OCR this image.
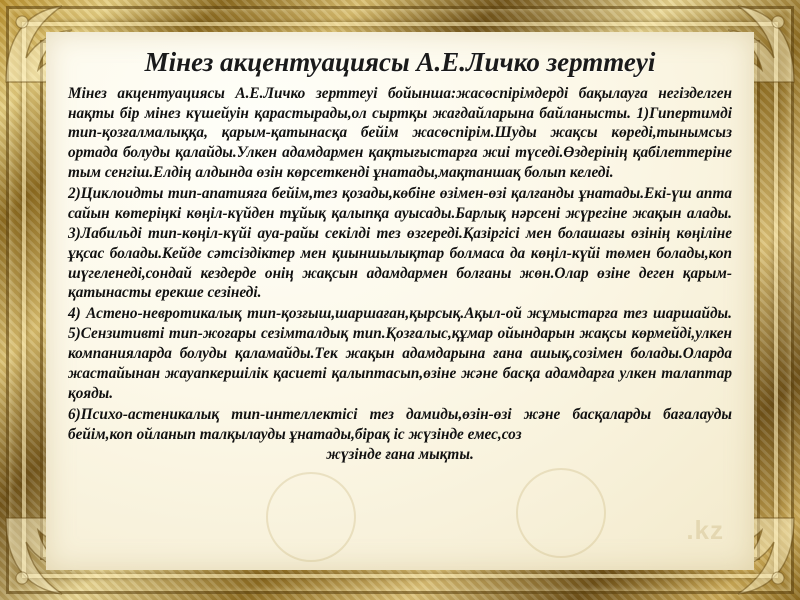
Мінез акцентуациясы А.Е.Личко зерттеуі

Мінез акцентуациясы А.Е.Личко зерттеуі бойынша:жасөспірімдерді бақылауға негізделген нақты бір мінез күшейуін қарастырады,ол сыртқы жағдайларына байланысты. 1)Гипертимді тип-қозғалмалыққа, қарым-қатынасқа бейім жасөспірім.Шуды жақсы көреді,тынымсыз ортада болуды қалайды.Улкен адамдармен қақтығыстарға жиі түседі.Өздерінің қабілеттеріне тым сенгіш.Елдің алдында өзін көрсеткенді ұнатады,мақтаншақ болып келеді.

2)Циклоидты тип-апатияға бейім,тез қозады,көбіне өзімен-өзі қалғанды ұнатады.Екі-үш апта сайын көтеріңкі көңіл-күйден тұйық қалыпқа ауысады.Барлық нәрсені жүрегіне жақын алады. 3)Лабильді тип-көңіл-күйі ауа-райы секілді тез өзгереді.Қазіргісі мен болашағы өзінің көңіліне ұқсас болады.Кейде сәтсіздіктер мен қиыншылықтар болмаса да көңіл-күйі төмен болады,коп шүгеленеді,сондай кездерде онің жақсын адамдармен болғаны жөн.Олар өзіне деген қарым-қатынасты ерекше сезінеді.

4) Астено-невротикалық тип-қозғыш,шаршаған,қырсық.Ақыл-ой жұмыстарға тез шаршайды. 5)Сензитивті тип-жоғары сезімталдық тип.Қозғалыс,құмар ойындарын жақсы көрмейді,улкен компанияларда болуды қаламайды.Тек жақын адамдарына ғана ашық,созімен болады.Оларда жастайынан жауапкершілік қасиеті қалыптасып,өзіне және басқа адамдарға улкен талаптар қояды.

6)Психо-астеникалық тип-интеллектісі тез дамиды,өзін-өзі және басқаларды бағалауды бейім,коп ойланып талқылауды ұнатады,бірақ іс жүзінде емес,соз

жүзінде ғана мықты.

.kz
